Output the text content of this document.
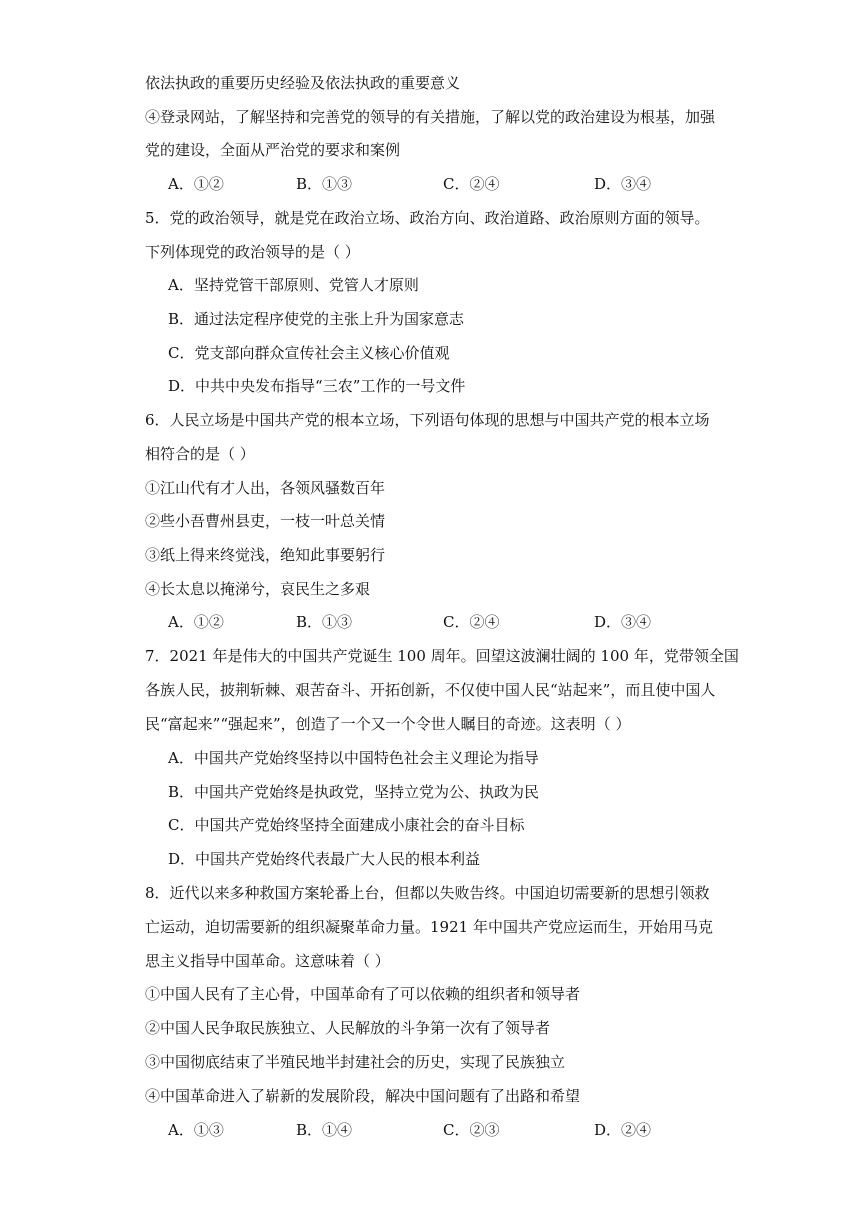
依法执政的重要历史经验及依法执政的重要意义
④登录网站，了解坚持和完善党的领导的有关措施，了解以党的政治建设为根基，加强
党的建设，全面从严治党的要求和案例
A．①②	B．①③	C．②④	D．③④
5．党的政治领导，就是党在政治立场、政治方向、政治道路、政治原则方面的领导。
下列体现党的政治领导的是（ ）
A．坚持党管干部原则、党管人才原则
B．通过法定程序使党的主张上升为国家意志
C．党支部向群众宣传社会主义核心价值观
D．中共中央发布指导“三农”工作的一号文件
6．人民立场是中国共产党的根本立场，下列语句体现的思想与中国共产党的根本立场
相符合的是（ ）
①江山代有才人出，各领风骚数百年
②些小吾曹州县吏，一枝一叶总关情
③纸上得来终觉浅，绝知此事要躬行
④长太息以掩涕兮，哀民生之多艰
A．①②	B．①③	C．②④	D．③④
7．2021 年是伟大的中国共产党诞生 100 周年。回望这波澜壮阔的 100 年，党带领全国
各族人民，披荆斩棘、艰苦奋斗、开拓创新，不仅使中国人民“站起来”，而且使中国人
民“富起来”“强起来”，创造了一个又一个令世人瞩目的奇迹。这表明（ ）
A．中国共产党始终坚持以中国特色社会主义理论为指导
B．中国共产党始终是执政党，坚持立党为公、执政为民
C．中国共产党始终坚持全面建成小康社会的奋斗目标
D．中国共产党始终代表最广大人民的根本利益
8．近代以来多种救国方案轮番上台，但都以失败告终。中国迫切需要新的思想引领救
亡运动，迫切需要新的组织凝聚革命力量。1921 年中国共产党应运而生，开始用马克
思主义指导中国革命。这意味着（ ）
①中国人民有了主心骨，中国革命有了可以依赖的组织者和领导者
②中国人民争取民族独立、人民解放的斗争第一次有了领导者
③中国彻底结束了半殖民地半封建社会的历史，实现了民族独立
④中国革命进入了崭新的发展阶段，解决中国问题有了出路和希望
A．①③	B．①④	C．②③	D．②④
